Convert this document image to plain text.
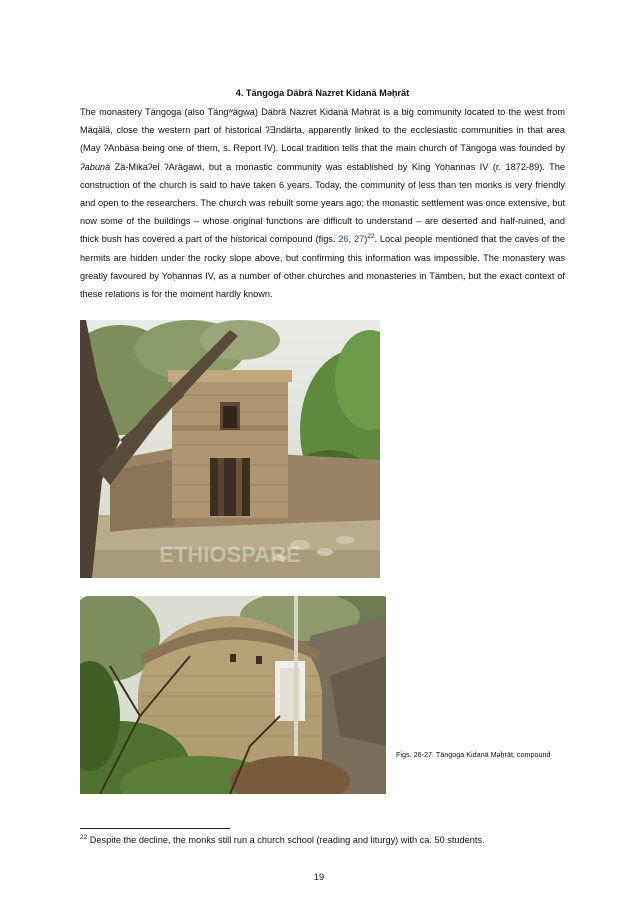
4. Tängoga Däbrä Nazret Kidanä Məḥrät

The monastery Tängoga (also Tängʷägwa) Däbrä Nazret Kidanä Məḥrät is a big community located to the west from Mäqälä, close the western part of historical ʔƎndärta, apparently linked to the ecclesiastic communities in that area (May ʔAnbäsa being one of them, s. Report IV). Local tradition tells that the main church of Tängoga was founded by ʔabunä Zä-Mikaʔel ʔArägawi, but a monastic community was established by King Yoḥannəs IV (r. 1872-89). The construction of the church is said to have taken 6 years. Today, the community of less than ten monks is very friendly and open to the researchers. The church was rebuilt some years ago; the monastic settlement was once extensive, but now some of the buildings – whose original functions are difficult to understand – are deserted and half-ruined, and thick bush has covered a part of the historical compound (figs. 26, 27)$^{22}$. Local people mentioned that the caves of the hermits are hidden under the rocky slope above, but confirming this information was impossible. The monastery was greatly favoured by Yoḥannəs IV, as a number of other churches and monasteries in Tämben, but the exact context of these relations is for the moment hardly known.

ETHIOSPARE
Figs. 26-27. Tängoga Kidanä Məḥrät, compound
$^{22}$ Despite the decline, the monks still run a church school (reading and liturgy) with ca. 50 students.
19
